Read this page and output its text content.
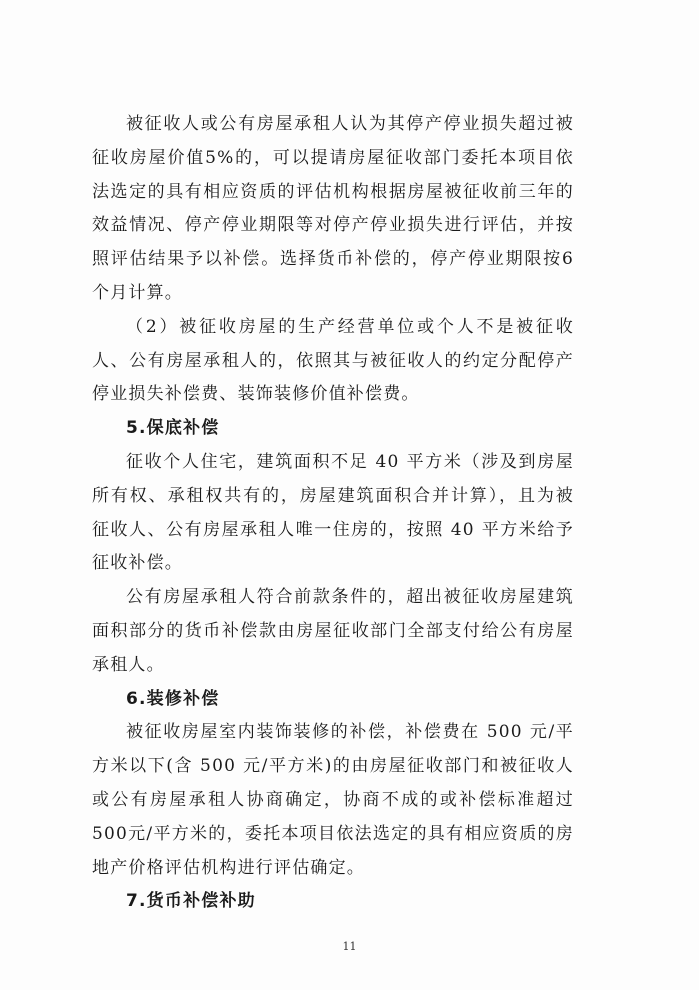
被征收人或公有房屋承租人认为其停产停业损失超过被征收房屋价值5%的，可以提请房屋征收部门委托本项目依法选定的具有相应资质的评估机构根据房屋被征收前三年的效益情况、停产停业期限等对停产停业损失进行评估，并按照评估结果予以补偿。选择货币补偿的，停产停业期限按6个月计算。

（2）被征收房屋的生产经营单位或个人不是被征收人、公有房屋承租人的，依照其与被征收人的约定分配停产停业损失补偿费、装饰装修价值补偿费。

5.保底补偿

征收个人住宅，建筑面积不足 40 平方米（涉及到房屋所有权、承租权共有的，房屋建筑面积合并计算），且为被征收人、公有房屋承租人唯一住房的，按照 40 平方米给予征收补偿。

公有房屋承租人符合前款条件的，超出被征收房屋建筑面积部分的货币补偿款由房屋征收部门全部支付给公有房屋承租人。

6.装修补偿

被征收房屋室内装饰装修的补偿，补偿费在 500 元/平方米以下(含 500 元/平方米)的由房屋征收部门和被征收人或公有房屋承租人协商确定，协商不成的或补偿标准超过500元/平方米的，委托本项目依法选定的具有相应资质的房地产价格评估机构进行评估确定。

7.货币补偿补助

11
